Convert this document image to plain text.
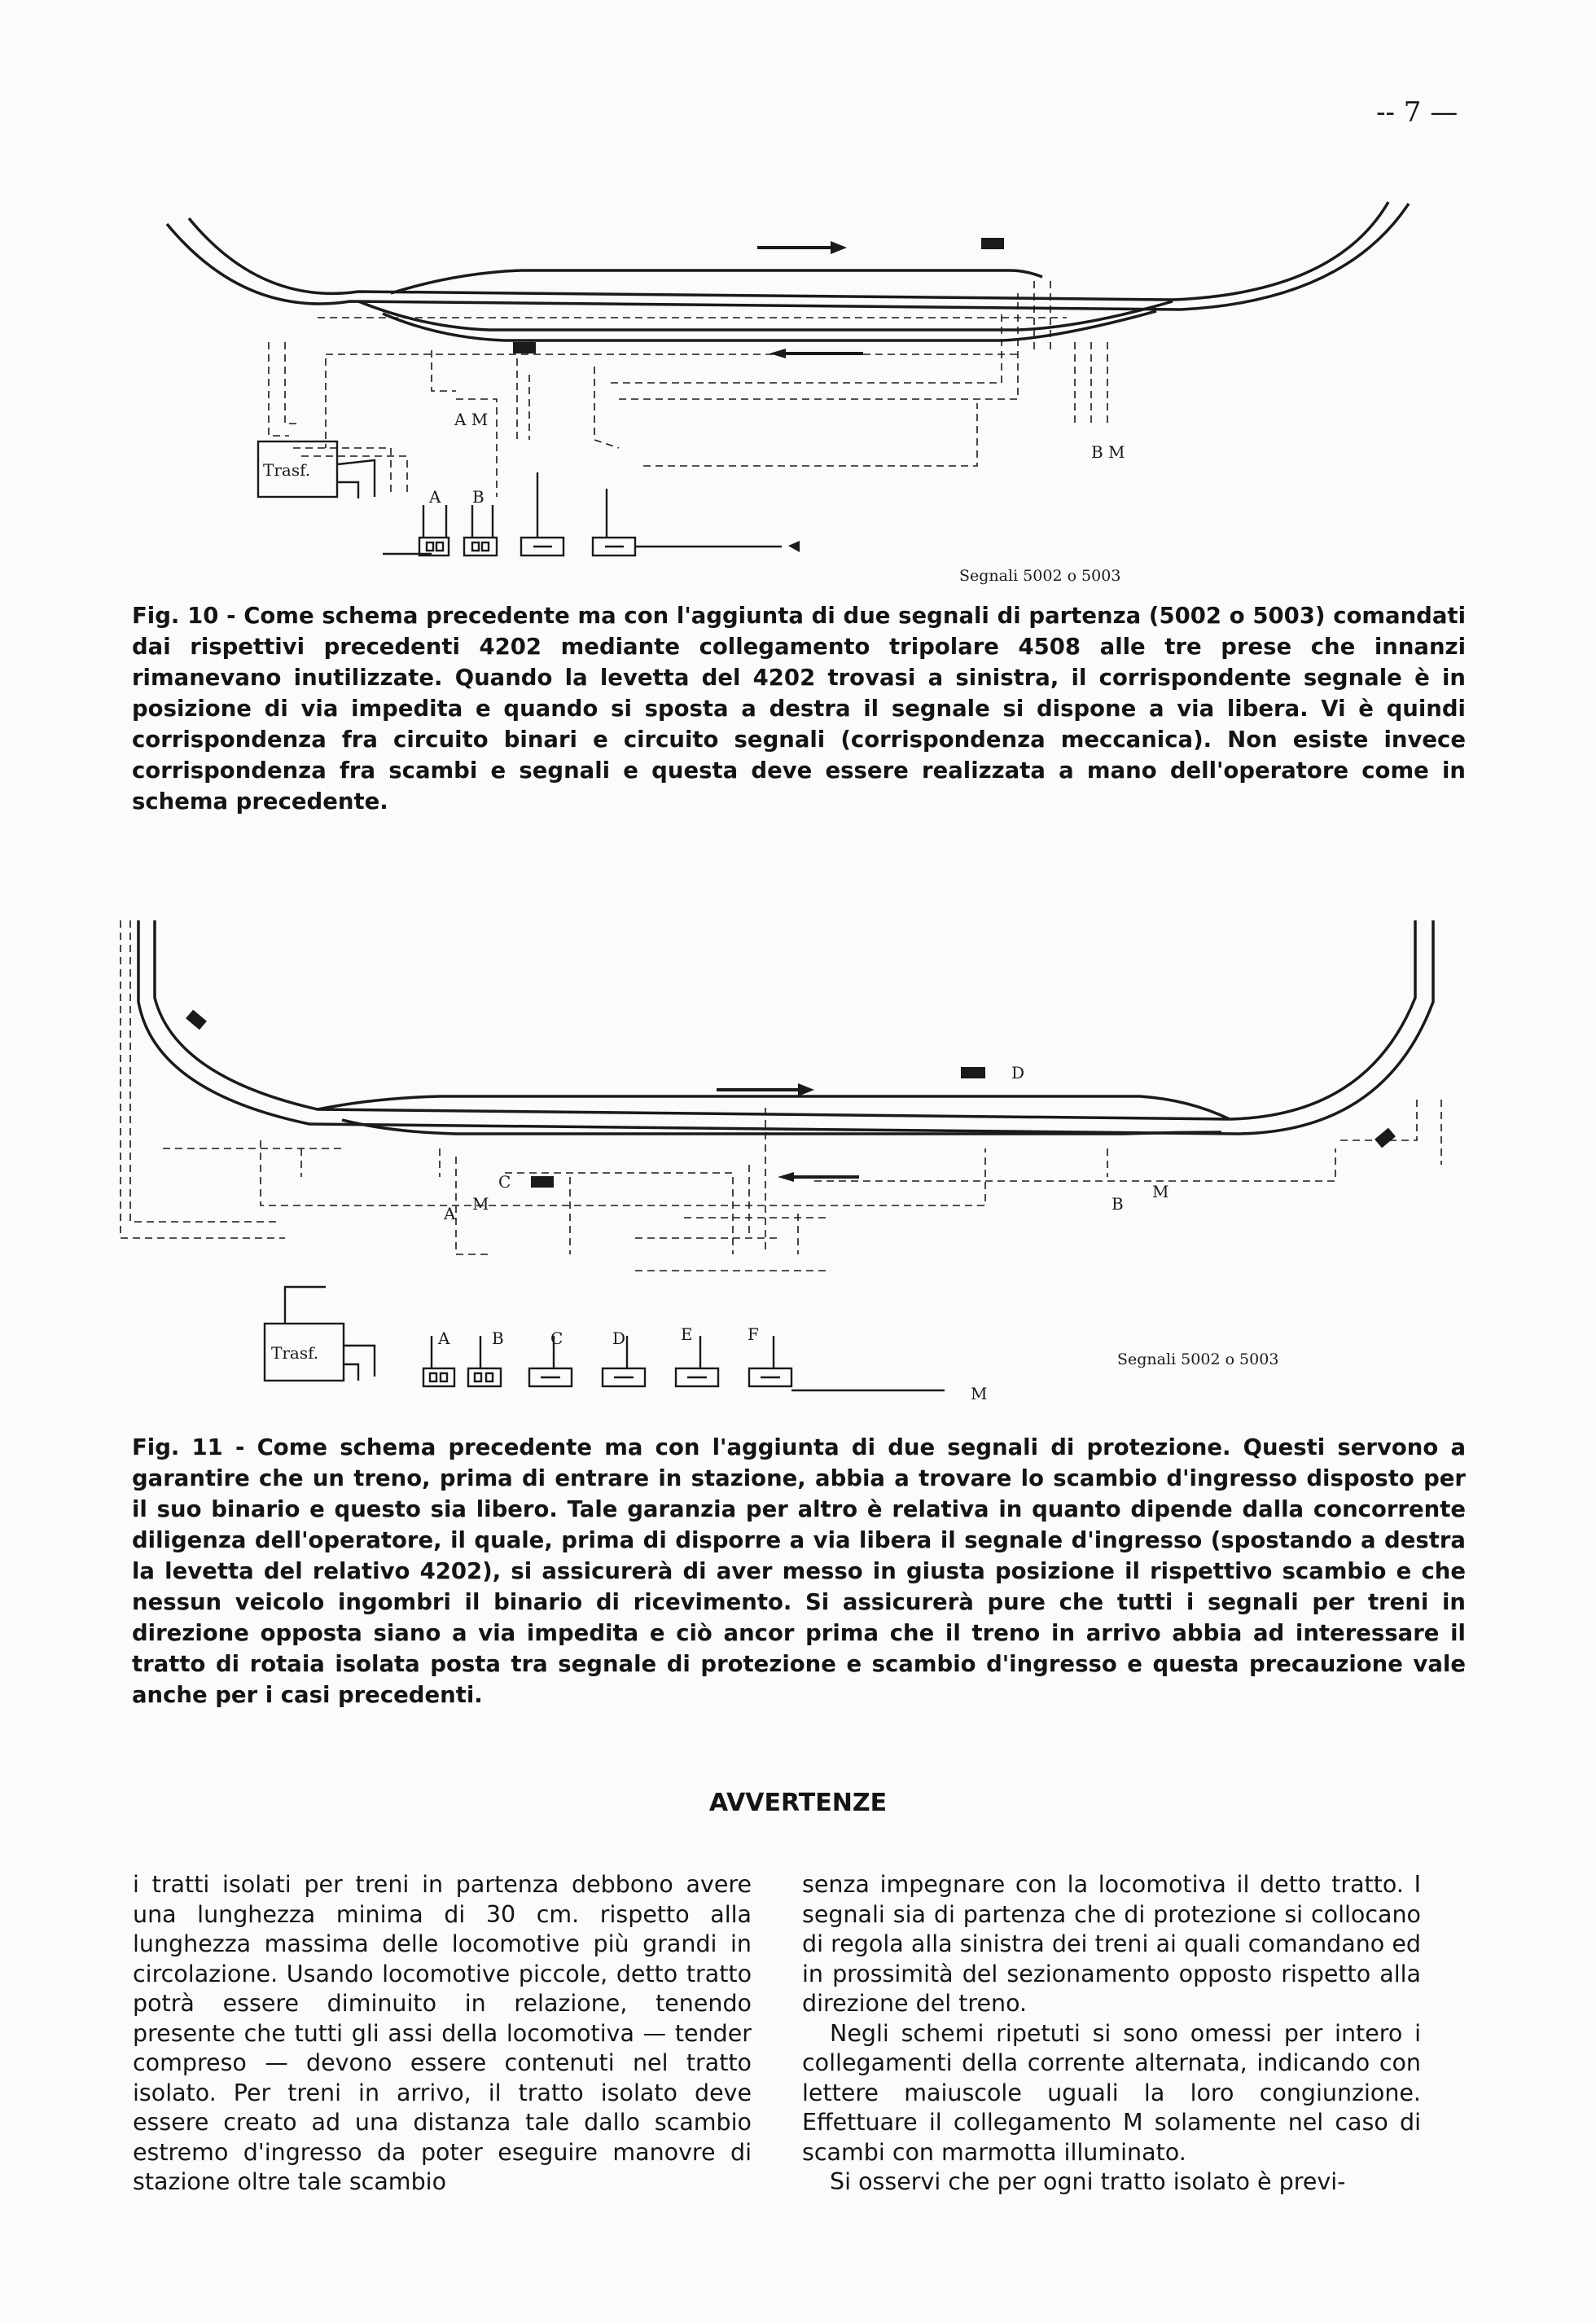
-- 7 —
Trasf.
A M
A B
B M
Segnali 5002 o 5003
Fig. 10 - Come schema precedente ma con l'aggiunta di due segnali di partenza (5002 o 5003) comandati dai rispettivi precedenti 4202 mediante collegamento tripolare 4508 alle tre prese che innanzi rimanevano inutilizzate. Quando la levetta del 4202 trovasi a sinistra, il corrispondente segnale è in posizione di via impedita e quando si sposta a destra il segnale si dispone a via libera. Vi è quindi corrispondenza fra circuito binari e circuito segnali (corrispondenza meccanica). Non esiste invece corrispondenza fra scambi e segnali e questa deve essere realizzata a mano dell'operatore come in schema precedente.
Trasf.
A	B	C	D	E	F
A M
C
D
B
M
M
Segnali 5002 o 5003
Fig. 11 - Come schema precedente ma con l'aggiunta di due segnali di protezione. Questi servono a garantire che un treno, prima di entrare in stazione, abbia a trovare lo scambio d'ingresso disposto per il suo binario e questo sia libero. Tale garanzia per altro è relativa in quanto dipende dalla concorrente diligenza dell'operatore, il quale, prima di disporre a via libera il segnale d'ingresso (spostando a destra la levetta del relativo 4202), si assicurerà di aver messo in giusta posizione il rispettivo scambio e che nessun veicolo ingombri il binario di ricevimento. Si assicurerà pure che tutti i segnali per treni in direzione opposta siano a via impedita e ciò ancor prima che il treno in arrivo abbia ad interessare il tratto di rotaia isolata posta tra segnale di protezione e scambio d'ingresso e questa precauzione vale anche per i casi precedenti.
AVVERTENZE

i tratti isolati per treni in partenza debbono avere una lunghezza minima di 30 cm. rispetto alla lunghezza massima delle locomotive più grandi in circolazione. Usando locomotive piccole, detto tratto potrà essere diminuito in relazione, tenendo presente che tutti gli assi della locomotiva — tender compreso — devono essere contenuti nel tratto isolato. Per treni in arrivo, il tratto isolato deve essere creato ad una distanza tale dallo scambio estremo d'ingresso da poter eseguire manovre di stazione oltre tale scambio

senza impegnare con la locomotiva il detto tratto. I segnali sia di partenza che di protezione si collocano di regola alla sinistra dei treni ai quali comandano ed in prossimità del sezionamento opposto rispetto alla direzione del treno.

Negli schemi ripetuti si sono omessi per intero i collegamenti della corrente alternata, indicando con lettere maiuscole uguali la loro congiunzione. Effettuare il collegamento M solamente nel caso di scambi con marmotta illuminato.

Si osservi che per ogni tratto isolato è previ-
